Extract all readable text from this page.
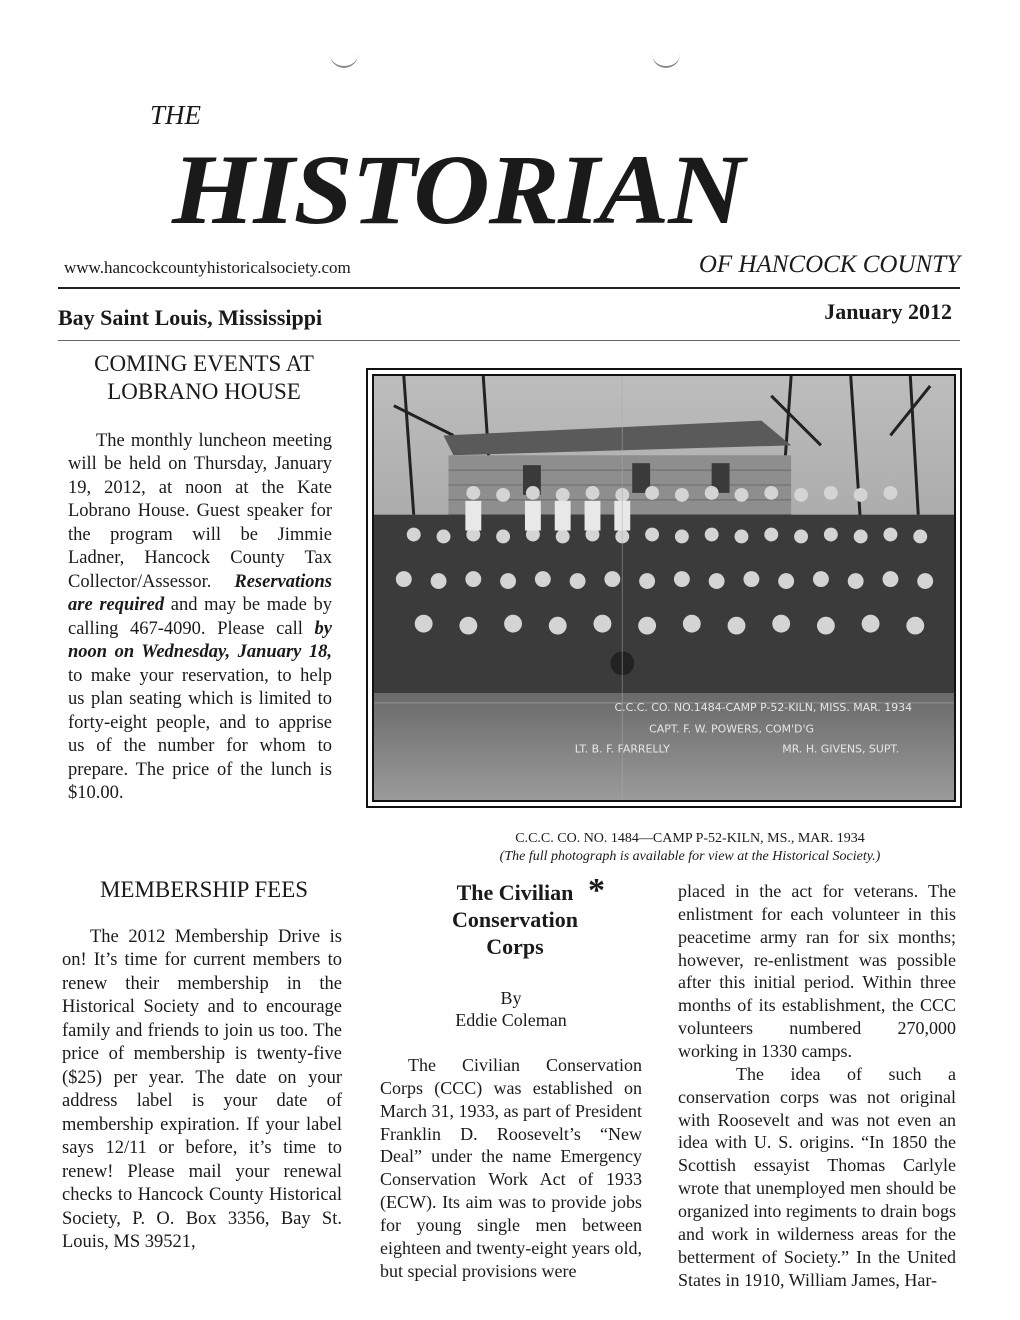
THE
HISTORIAN
www.hancockcountyhistoricalsociety.com	OF HANCOCK COUNTY
Bay Saint Louis, Mississippi	January 2012
COMING EVENTS AT LOBRANO HOUSE

The monthly luncheon meeting will be held on Thursday, January 19, 2012, at noon at the Kate Lobrano House. Guest speaker for the program will be Jimmie Ladner, Hancock County Tax Collector/Assessor. Reservations are required and may be made by calling 467-4090. Please call by noon on Wednesday, January 18, to make your reservation, to help us plan seating which is limited to forty-eight people, and to apprise us of the number for whom to prepare. The price of the lunch is $10.00.

MEMBERSHIP FEES

The 2012 Membership Drive is on! It’s time for current members to renew their membership in the Historical Society and to encourage family and friends to join us too. The price of membership is twenty-five ($25) per year. The date on your address label is your date of membership expiration. If your label says 12/11 or before, it’s time to renew! Please mail your renewal checks to Hancock County Historical Society, P. O. Box 3356, Bay St. Louis, MS 39521,

C.C.C. CO. NO.1484-CAMP P-52-KILN, MISS. MAR. 1934
CAPT. F. W. POWERS, COM'D'G
LT. B. F. FARRELLY	MR. H. GIVENS, SUPT.
C.C.C. CO. NO. 1484—CAMP P-52-KILN, MS., MAR. 1934
(The full photograph is available for view at the Historical Society.)
The Civilian Conservation Corps
*
By
Eddie Coleman

The Civilian Conservation Corps (CCC) was established on March 31, 1933, as part of President Franklin D. Roosevelt’s “New Deal” under the name Emergency Conservation Work Act of 1933 (ECW). Its aim was to provide jobs for young single men between eighteen and twenty-eight years old, but special provisions were

placed in the act for veterans. The enlistment for each volunteer in this peacetime army ran for six months; however, re-enlistment was possible after this initial period. Within three months of its establishment, the CCC volunteers numbered 270,000 working in 1330 camps.

The idea of such a conservation corps was not original with Roosevelt and was not even an idea with U. S. origins. “In 1850 the Scottish essayist Thomas Carlyle wrote that unemployed men should be organized into regiments to drain bogs and work in wilderness areas for the betterment of Society.” In the United States in 1910, William James, Har-
